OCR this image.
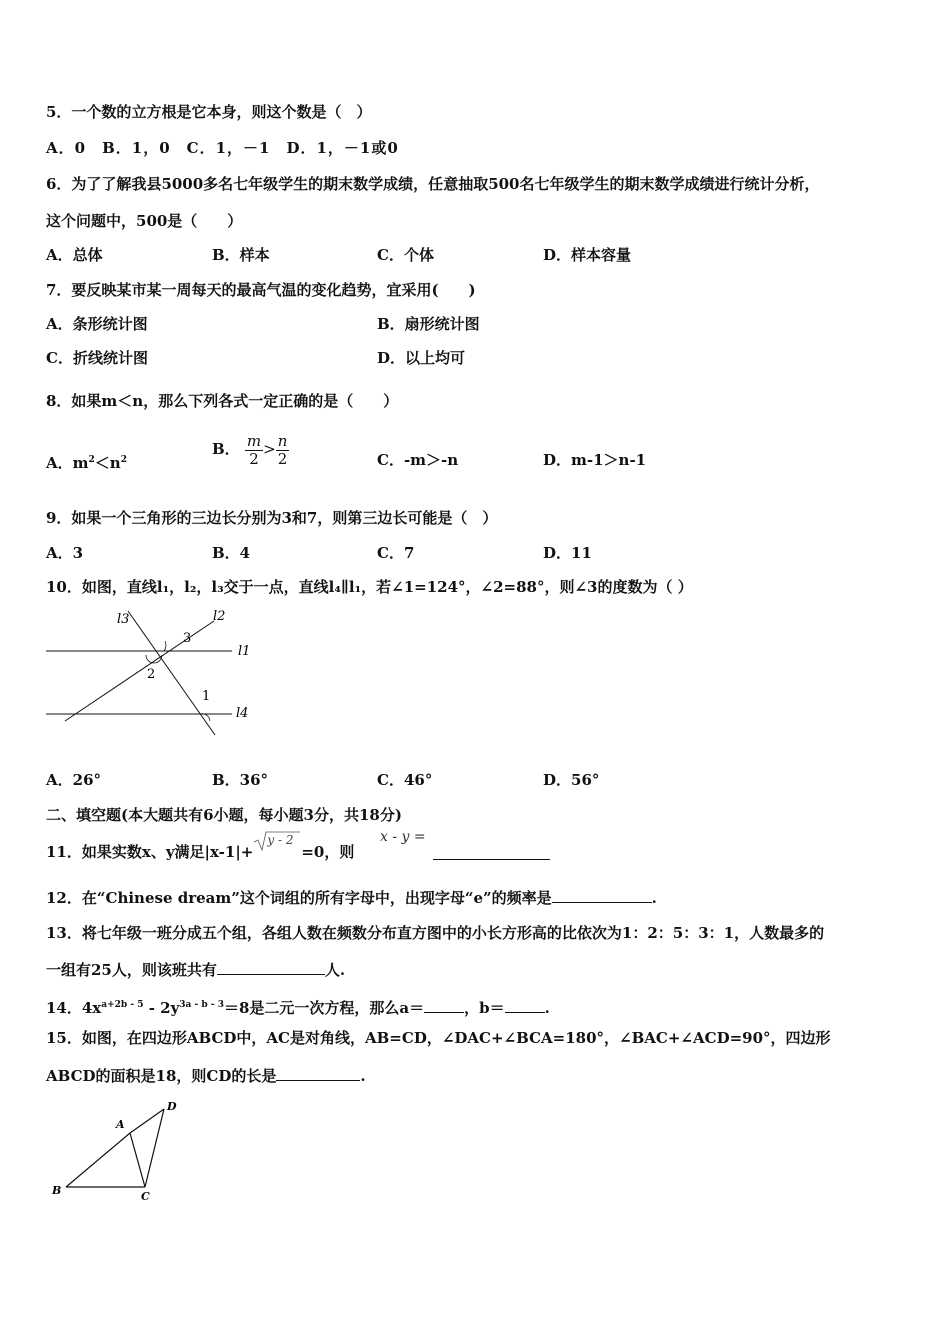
5．一个数的立方根是它本身，则这个数是（　）
A．0　B．1，0　C．1，－1　D．1，－1或0
6．为了了解我县5000多名七年级学生的期末数学成绩，任意抽取500名七年级学生的期末数学成绩进行统计分析，
这个问题中，500是（　　）
A．总体	B．样本	C．个体	D．样本容量
7．要反映某市某一周每天的最高气温的变化趋势，宜采用(　　)
A．条形统计图	B．扇形统计图
C．折线统计图	D．以上均可
8．如果m＜n，那么下列各式一定正确的是（　　）
A．$m^2<n^2$
B． $\frac{m}{2} > \frac{n}{2}$	C．-m＞-n	D．m-1＞n-1
9．如果一个三角形的三边长分别为3和7，则第三边长可能是（　）
A．3	B．4	C．7	D．11
10．如图，直线l₁，l₂，l₃交于一点，直线l₄∥l₁，若∠1=124°，∠2=88°，则∠3的度数为（ ）
l3	l2
l1
l4
3
2
1
A．26°	B．36°	C．46°	D．56°
二、填空题(本大题共有6小题，每小题3分，共18分)
11．如果实数x、y满足|x-1|+
y - 2
=0，则
x - y =
12．在“Chinese dream”这个词组的所有字母中，出现字母“e”的频率是	.
13．将七年级一班分成五个组，各组人数在频数分布直方图中的小长方形高的比依次为1：2：5：3：1，人数最多的
一组有25人，则该班共有	人.
14．$4x^{a+2b - 5} - 2y^{3a - b - 3}=8$是二元一次方程，那么a＝	，b＝	.
15．如图，在四边形ABCD中，AC是对角线，AB=CD，∠DAC+∠BCA=180°，∠BAC+∠ACD=90°，四边形
ABCD的面积是18，则CD的长是	.
A
B	C
D
